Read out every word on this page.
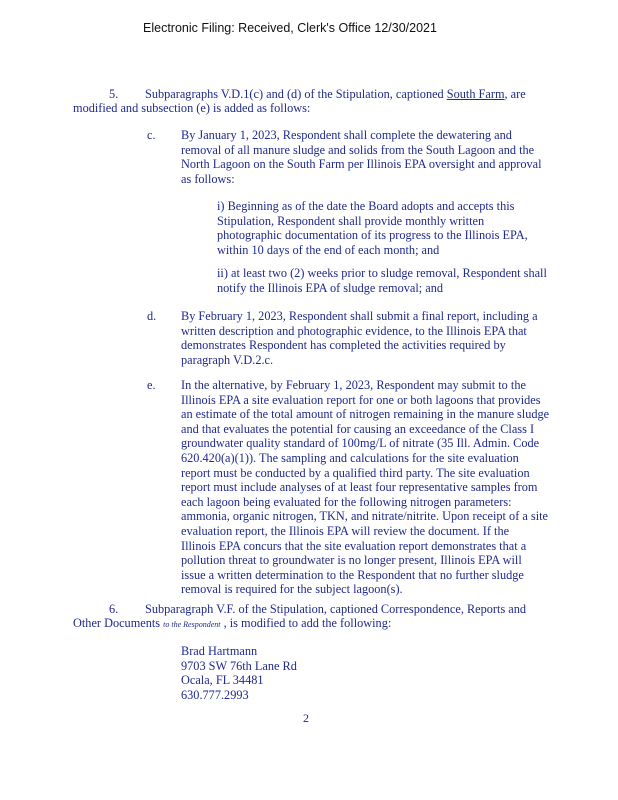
Electronic Filing: Received, Clerk's Office 12/30/2021
5. Subparagraphs V.D.1(c) and (d) of the Stipulation, captioned South Farm, are
modified and subsection (e) is added as follows:
c. By January 1, 2023, Respondent shall complete the dewatering and
removal of all manure sludge and solids from the South Lagoon and the
North Lagoon on the South Farm per Illinois EPA oversight and approval
as follows:
i) Beginning as of the date the Board adopts and accepts this
Stipulation, Respondent shall provide monthly written
photographic documentation of its progress to the Illinois EPA,
within 10 days of the end of each month; and
ii) at least two (2) weeks prior to sludge removal, Respondent shall
notify the Illinois EPA of sludge removal; and
d. By February 1, 2023, Respondent shall submit a final report, including a
written description and photographic evidence, to the Illinois EPA that
demonstrates Respondent has completed the activities required by
paragraph V.D.2.c.
e. In the alternative, by February 1, 2023, Respondent may submit to the
Illinois EPA a site evaluation report for one or both lagoons that provides
an estimate of the total amount of nitrogen remaining in the manure sludge
and that evaluates the potential for causing an exceedance of the Class I
groundwater quality standard of 100mg/L of nitrate (35 Ill. Admin. Code
620.420(a)(1)). The sampling and calculations for the site evaluation
report must be conducted by a qualified third party. The site evaluation
report must include analyses of at least four representative samples from
each lagoon being evaluated for the following nitrogen parameters:
ammonia, organic nitrogen, TKN, and nitrate/nitrite. Upon receipt of a site
evaluation report, the Illinois EPA will review the document. If the
Illinois EPA concurs that the site evaluation report demonstrates that a
pollution threat to groundwater is no longer present, Illinois EPA will
issue a written determination to the Respondent that no further sludge
removal is required for the subject lagoon(s).
6. Subparagraph V.F. of the Stipulation, captioned Correspondence, Reports and
Other Documents to the Respondent , is modified to add the following:
Brad Hartmann
9703 SW 76th Lane Rd
Ocala, FL 34481
630.777.2993
2
